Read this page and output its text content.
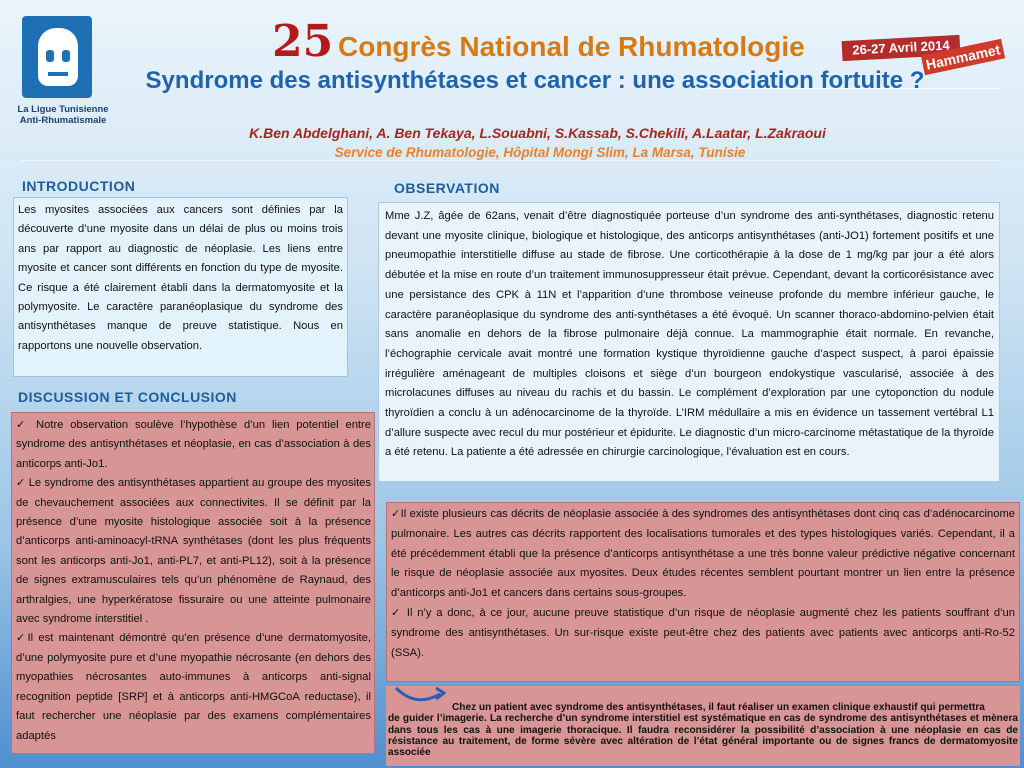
La Ligue Tunisienne Anti-Rhumatismale
25 Congrès National de Rhumatologie	26-27 Avril 2014
Hammamet
Syndrome des antisynthétases et cancer : une association fortuite ?
K.Ben Abdelghani, A. Ben Tekaya, L.Souabni, S.Kassab, S.Chekili, A.Laatar, L.Zakraoui
Service de Rhumatologie, Hôpital Mongi Slim, La Marsa, Tunisie
INTRODUCTION
Les myosites associées aux cancers sont définies par la découverte d’une myosite dans un délai de plus ou moins trois ans par rapport au diagnostic de néoplasie. Les liens entre myosite et cancer sont différents en fonction du type de myosite. Ce risque a été clairement établi dans la dermatomyosite et la polymyosite. Le caractère paranéoplasique du syndrome des antisynthétases manque de preuve statistique. Nous en rapportons une nouvelle observation.
OBSERVATION
Mme J.Z, âgée de 62ans, venait d’être diagnostiquée porteuse d’un syndrome des anti-synthétases, diagnostic retenu devant une myosite clinique, biologique et histologique, des anticorps antisynthétases (anti-JO1) fortement positifs et une pneumopathie interstitielle diffuse au stade de fibrose. Une corticothérapie à la dose de 1 mg/kg par jour a été alors débutée et la mise en route d’un traitement immunosuppresseur était prévue. Cependant, devant la corticorésistance avec une persistance des CPK à 11N et l’apparition d’une thrombose veineuse profonde du membre inférieur gauche, le caractère paranéoplasique du syndrome des anti-synthétases a été évoqué. Un scanner thoraco-abdomino-pelvien était sans anomalie en dehors de la fibrose pulmonaire déjà connue. La mammographie était normale. En revanche, l’échographie cervicale avait montré une formation kystique thyroïdienne gauche d’aspect suspect, à paroi épaissie irrégulière aménageant de multiples cloisons et siège d’un bourgeon endokystique vascularisé, associée à des microlacunes diffuses au niveau du rachis et du bassin. Le complément d’exploration par une cytoponction du nodule thyroïdien a conclu à un adénocarcinome de la thyroïde. L’IRM médullaire a mis en évidence un tassement vertébral L1 d’allure suspecte avec recul du mur postérieur et épidurite. Le diagnostic d’un micro-carcinome métastatique de la thyroïde a été retenu. La patiente a été adressée en chirurgie carcinologique, l’évaluation est en cours.
DISCUSSION ET CONCLUSION
✓ Notre observation soulève l’hypothèse d’un lien potentiel entre syndrome des antisynthétases et néoplasie, en cas d’association à des anticorps anti-Jo1.
✓ Le syndrome des antisynthétases appartient au groupe des myosites de chevauchement associées aux connectivites. Il se définit par la présence d’une myosite histologique associée soit à la présence d’anticorps anti-aminoacyl-tRNA synthétases (dont les plus fréquents sont les anticorps anti-Jo1, anti-PL7, et anti-PL12), soit à la présence de signes extramusculaires tels qu’un phénomène de Raynaud, des arthralgies, une hyperkératose fissuraire ou une atteinte pulmonaire avec syndrome interstitiel .
✓Il est maintenant démontré qu’en présence d’une dermatomyosite, d’une polymyosite pure et d’une myopathie nécrosante (en dehors des myopathies nécrosantes auto-immunes à anticorps anti-signal recognition peptide [SRP] et à anticorps anti-HMGCoA reductase), il faut rechercher une néoplasie par des examens complémentaires adaptés
✓Il existe plusieurs cas décrits de néoplasie associée à des syndromes des antisynthétases dont cinq cas d’adénocarcinome pulmonaire. Les autres cas décrits rapportent des localisations tumorales et des types histologiques variés. Cependant, il a été précédemment établi que la présence d’anticorps antisynthétase a une très bonne valeur prédictive négative concernant le risque de néoplasie associée aux myosites. Deux études récentes semblent pourtant montrer un lien entre la présence d’anticorps anti-Jo1 et cancers dans certains sous-groupes.
✓ Il n’y a donc, à ce jour, aucune preuve statistique d’un risque de néoplasie augmenté chez les patients souffrant d’un syndrome des antisynthétases. Un sur-risque existe peut-être chez des patients avec patients avec anticorps anti-Ro-52 (SSA).
Chez un patient avec syndrome des antisynthétases, il faut réaliser un examen clinique exhaustif qui permettra
de guider l’imagerie. La recherche d’un syndrome interstitiel est systématique en cas de syndrome des antisynthétases et mènera dans tous les cas à une imagerie thoracique. Il faudra reconsidérer la possibilité d’association à une néoplasie en cas de résistance au traitement, de forme sévère avec altération de l’état général importante ou de signes francs de dermatomyosite associée
